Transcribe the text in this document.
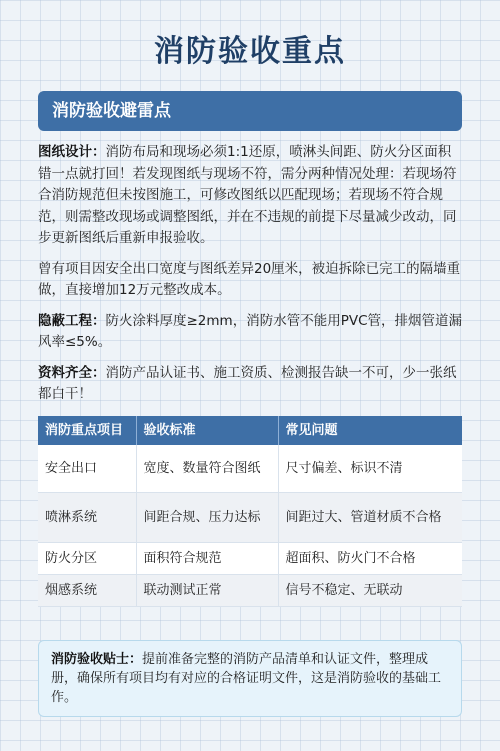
消防验收重点
消防验收避雷点

图纸设计：消防布局和现场必须1:1还原，喷淋头间距、防火分区面积错一点就打回！若发现图纸与现场不符，需分两种情况处理：若现场符合消防规范但未按图施工，可修改图纸以匹配现场；若现场不符合规范，则需整改现场或调整图纸，并在不违规的前提下尽量减少改动，同步更新图纸后重新申报验收。

曾有项目因安全出口宽度与图纸差异20厘米，被迫拆除已完工的隔墙重做，直接增加12万元整改成本。

隐蔽工程：防火涂料厚度≥2mm，消防水管不能用PVC管，排烟管道漏风率≤5%。

资料齐全：消防产品认证书、施工资质、检测报告缺一不可，少一张纸都白干！

消防重点项目	验收标准	常见问题
安全出口	宽度、数量符合图纸	尺寸偏差、标识不清
喷淋系统	间距合规、压力达标	间距过大、管道材质不合格
防火分区	面积符合规范	超面积、防火门不合格
烟感系统	联动测试正常	信号不稳定、无联动
消防验收贴士：提前准备完整的消防产品清单和认证文件，整理成册，确保所有项目均有对应的合格证明文件，这是消防验收的基础工作。
